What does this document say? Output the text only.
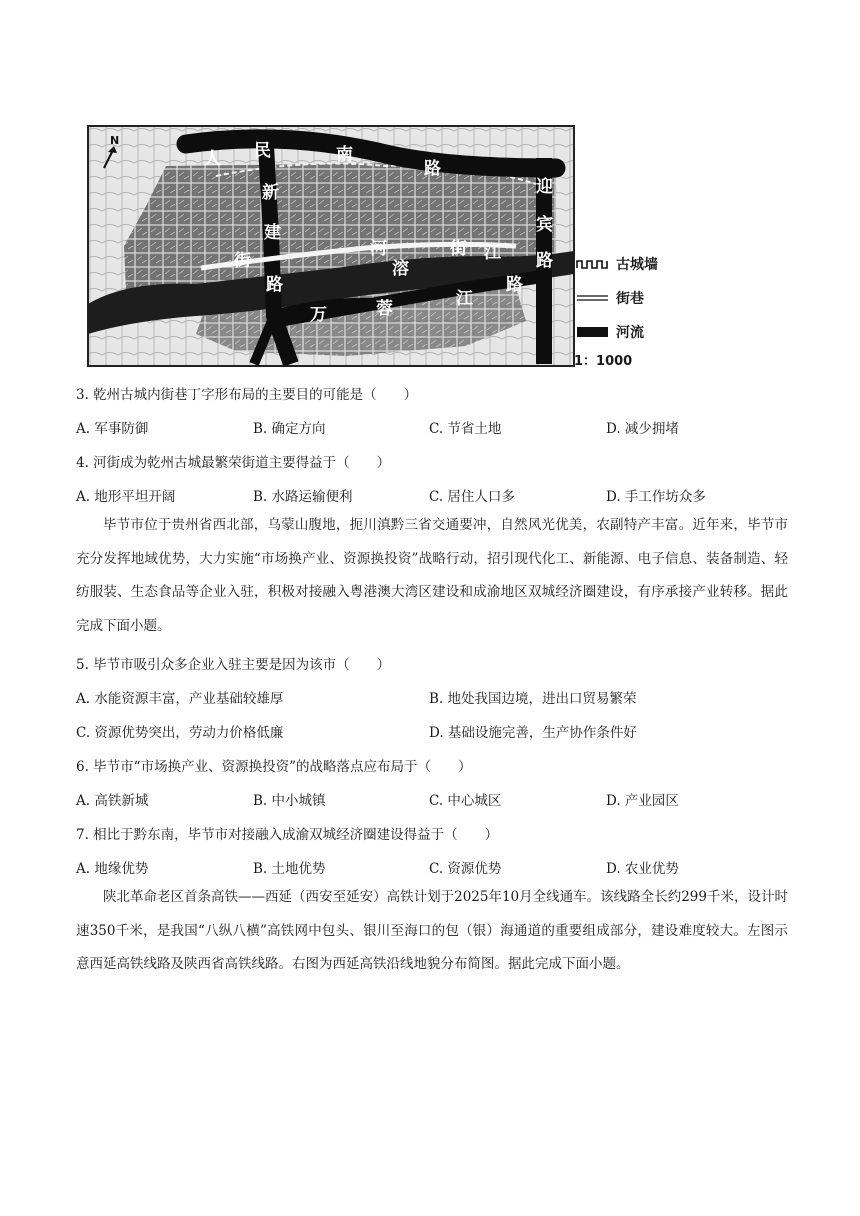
人 民	南
路
迎
宾
路
新
建
路
街
河	街
万
溶
蓉
江
江
路
N
古城墙
街巷
河流
1：1000
3. 乾州古城内街巷丁字形布局的主要目的可能是（　　）
A. 军事防御	B. 确定方向	C. 节省土地	D. 减少拥堵
4. 河街成为乾州古城最繁荣街道主要得益于（　　）
A. 地形平坦开阔	B. 水路运输便利	C. 居住人口多	D. 手工作坊众多

毕节市位于贵州省西北部，乌蒙山腹地，扼川滇黔三省交通要冲，自然风光优美，农副特产丰富。近年来，毕节市充分发挥地域优势，大力实施“市场换产业、资源换投资”战略行动，招引现代化工、新能源、电子信息、装备制造、轻纺服装、生态食品等企业入驻，积极对接融入粤港澳大湾区建设和成渝地区双城经济圈建设，有序承接产业转移。据此完成下面小题。

5. 毕节市吸引众多企业入驻主要是因为该市（　　）
A. 水能资源丰富，产业基础较雄厚	B. 地处我国边境，进出口贸易繁荣
C. 资源优势突出，劳动力价格低廉	D. 基础设施完善，生产协作条件好
6. 毕节市“市场换产业、资源换投资”的战略落点应布局于（　　）
A. 高铁新城	B. 中小城镇	C. 中心城区	D. 产业园区
7. 相比于黔东南，毕节市对接融入成渝双城经济圈建设得益于（　　）
A. 地缘优势	B. 土地优势	C. 资源优势	D. 农业优势

陕北革命老区首条高铁——西延（西安至延安）高铁计划于2025年10月全线通车。该线路全长约299千米，设计时速350千米，是我国“八纵八横”高铁网中包头、银川至海口的包（银）海通道的重要组成部分，建设难度较大。左图示意西延高铁线路及陕西省高铁线路。右图为西延高铁沿线地貌分布简图。据此完成下面小题。
